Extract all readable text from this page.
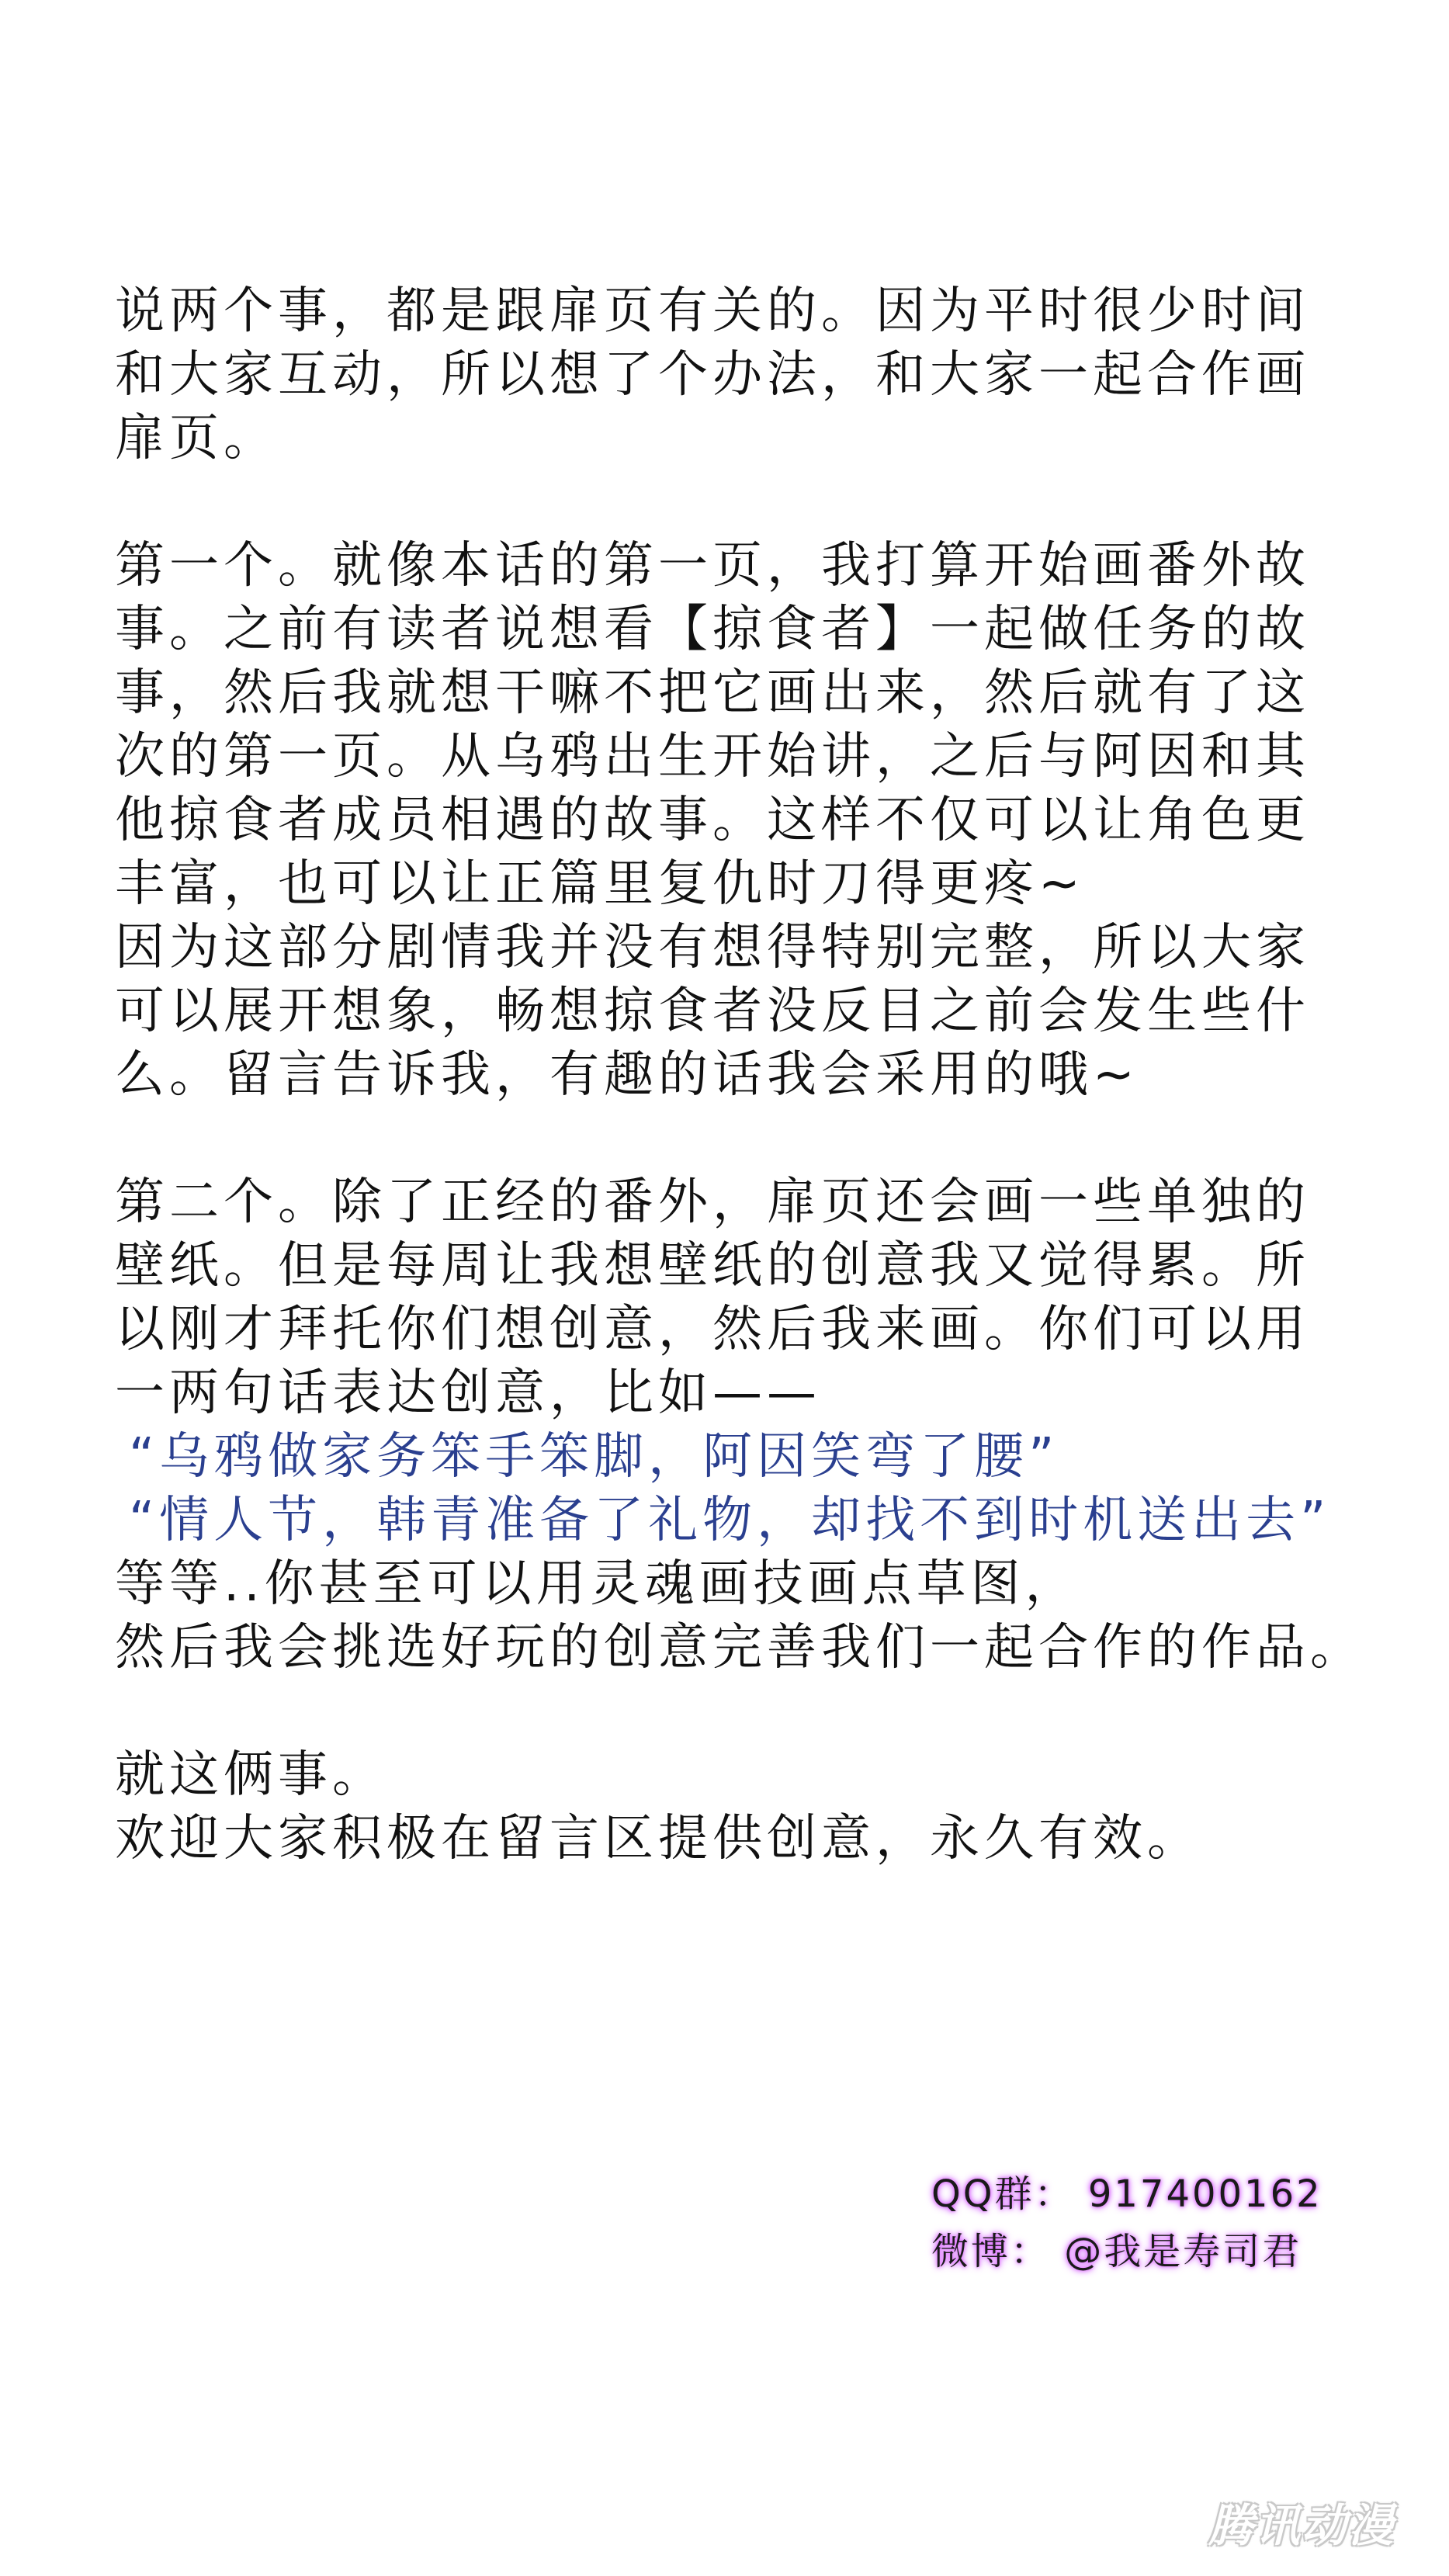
说两个事，都是跟扉页有关的。因为平时很少时间
和大家互动，所以想了个办法，和大家一起合作画
扉页。
第一个。就像本话的第一页，我打算开始画番外故
事。之前有读者说想看【掠食者】一起做任务的故
事，然后我就想干嘛不把它画出来，然后就有了这
次的第一页。从乌鸦出生开始讲，之后与阿因和其
他掠食者成员相遇的故事。这样不仅可以让角色更
丰富，也可以让正篇里复仇时刀得更疼~
因为这部分剧情我并没有想得特别完整，所以大家
可以展开想象，畅想掠食者没反目之前会发生些什
么。留言告诉我，有趣的话我会采用的哦~
第二个。除了正经的番外，扉页还会画一些单独的
壁纸。但是每周让我想壁纸的创意我又觉得累。所
以刚才拜托你们想创意，然后我来画。你们可以用
一两句话表达创意，比如——
“乌鸦做家务笨手笨脚，阿因笑弯了腰”
“情人节，韩青准备了礼物，却找不到时机送出去”
等等..你甚至可以用灵魂画技画点草图，
然后我会挑选好玩的创意完善我们一起合作的作品。
就这俩事。
欢迎大家积极在留言区提供创意，永久有效。
QQ群： 917400162
微博： @我是寿司君
腾讯动漫
